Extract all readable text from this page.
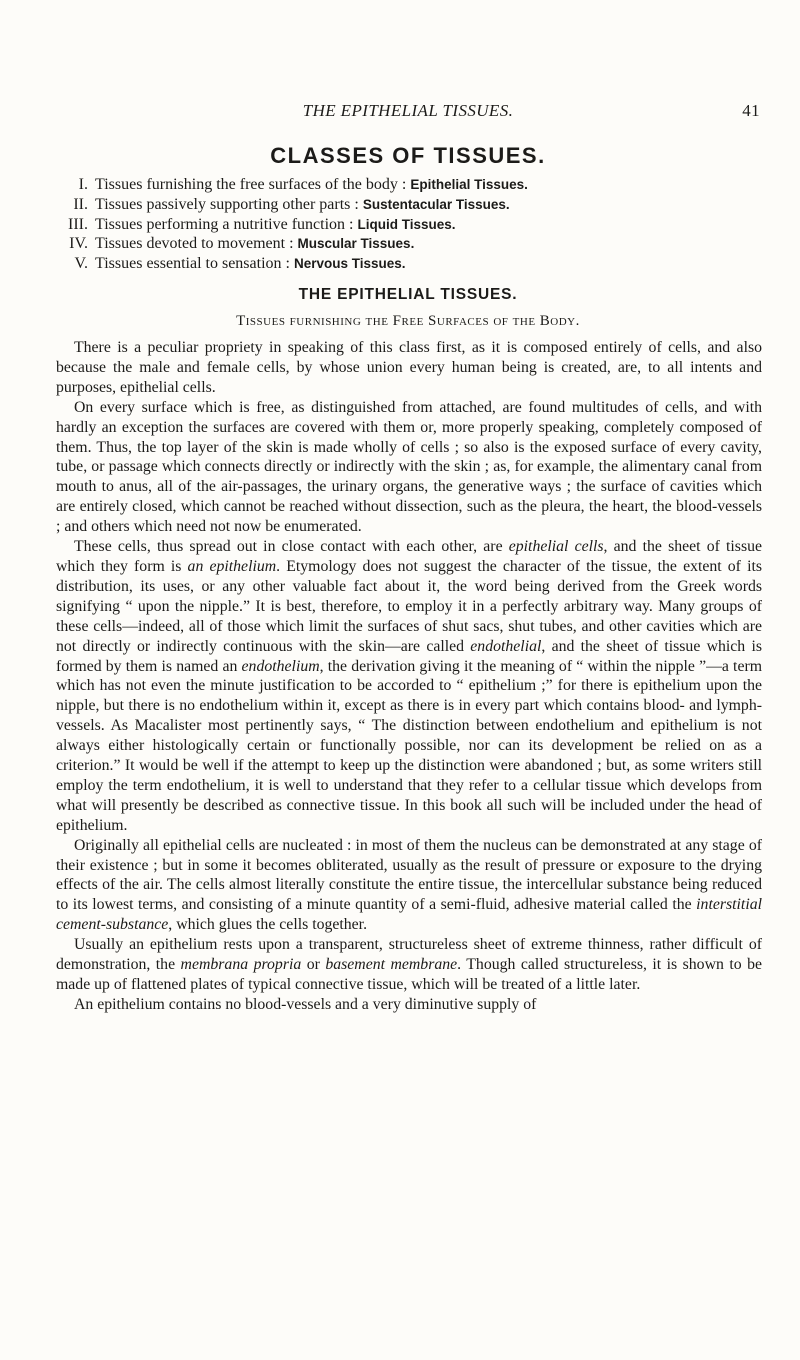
THE EPITHELIAL TISSUES.	41
CLASSES OF TISSUES.
I. Tissues furnishing the free surfaces of the body : Epithelial Tissues.
II. Tissues passively supporting other parts : Sustentacular Tissues.
III. Tissues performing a nutritive function : Liquid Tissues.
IV. Tissues devoted to movement : Muscular Tissues.
V. Tissues essential to sensation : Nervous Tissues.
THE EPITHELIAL TISSUES.
Tissues furnishing the Free Surfaces of the Body.

There is a peculiar propriety in speaking of this class first, as it is composed entirely of cells, and also because the male and female cells, by whose union every human being is created, are, to all intents and purposes, epithelial cells.

On every surface which is free, as distinguished from attached, are found multitudes of cells, and with hardly an exception the surfaces are covered with them or, more properly speaking, completely composed of them. Thus, the top layer of the skin is made wholly of cells ; so also is the exposed surface of every cavity, tube, or passage which connects directly or indirectly with the skin ; as, for example, the alimentary canal from mouth to anus, all of the air-passages, the urinary organs, the generative ways ; the surface of cavities which are entirely closed, which cannot be reached without dissection, such as the pleura, the heart, the blood-vessels ; and others which need not now be enumerated.

These cells, thus spread out in close contact with each other, are epithelial cells, and the sheet of tissue which they form is an epithelium. Etymology does not suggest the character of the tissue, the extent of its distribution, its uses, or any other valuable fact about it, the word being derived from the Greek words signifying “ upon the nipple.” It is best, therefore, to employ it in a perfectly arbitrary way. Many groups of these cells—indeed, all of those which limit the surfaces of shut sacs, shut tubes, and other cavities which are not directly or indirectly continuous with the skin—are called endothelial, and the sheet of tissue which is formed by them is named an endothelium, the derivation giving it the meaning of “ within the nipple ”—a term which has not even the minute justification to be accorded to “ epithelium ;” for there is epithelium upon the nipple, but there is no endothelium within it, except as there is in every part which contains blood- and lymph-vessels. As Macalister most pertinently says, “ The distinction between endothelium and epithelium is not always either histologically certain or functionally possible, nor can its development be relied on as a criterion.” It would be well if the attempt to keep up the distinction were abandoned ; but, as some writers still employ the term endothelium, it is well to understand that they refer to a cellular tissue which develops from what will presently be described as connective tissue. In this book all such will be included under the head of epithelium.

Originally all epithelial cells are nucleated : in most of them the nucleus can be demonstrated at any stage of their existence ; but in some it becomes obliterated, usually as the result of pressure or exposure to the drying effects of the air. The cells almost literally constitute the entire tissue, the intercellular substance being reduced to its lowest terms, and consisting of a minute quantity of a semi-fluid, adhesive material called the interstitial cement-substance, which glues the cells together.

Usually an epithelium rests upon a transparent, structureless sheet of extreme thinness, rather difficult of demonstration, the membrana propria or basement membrane. Though called structureless, it is shown to be made up of flattened plates of typical connective tissue, which will be treated of a little later.

An epithelium contains no blood-vessels and a very diminutive supply of
